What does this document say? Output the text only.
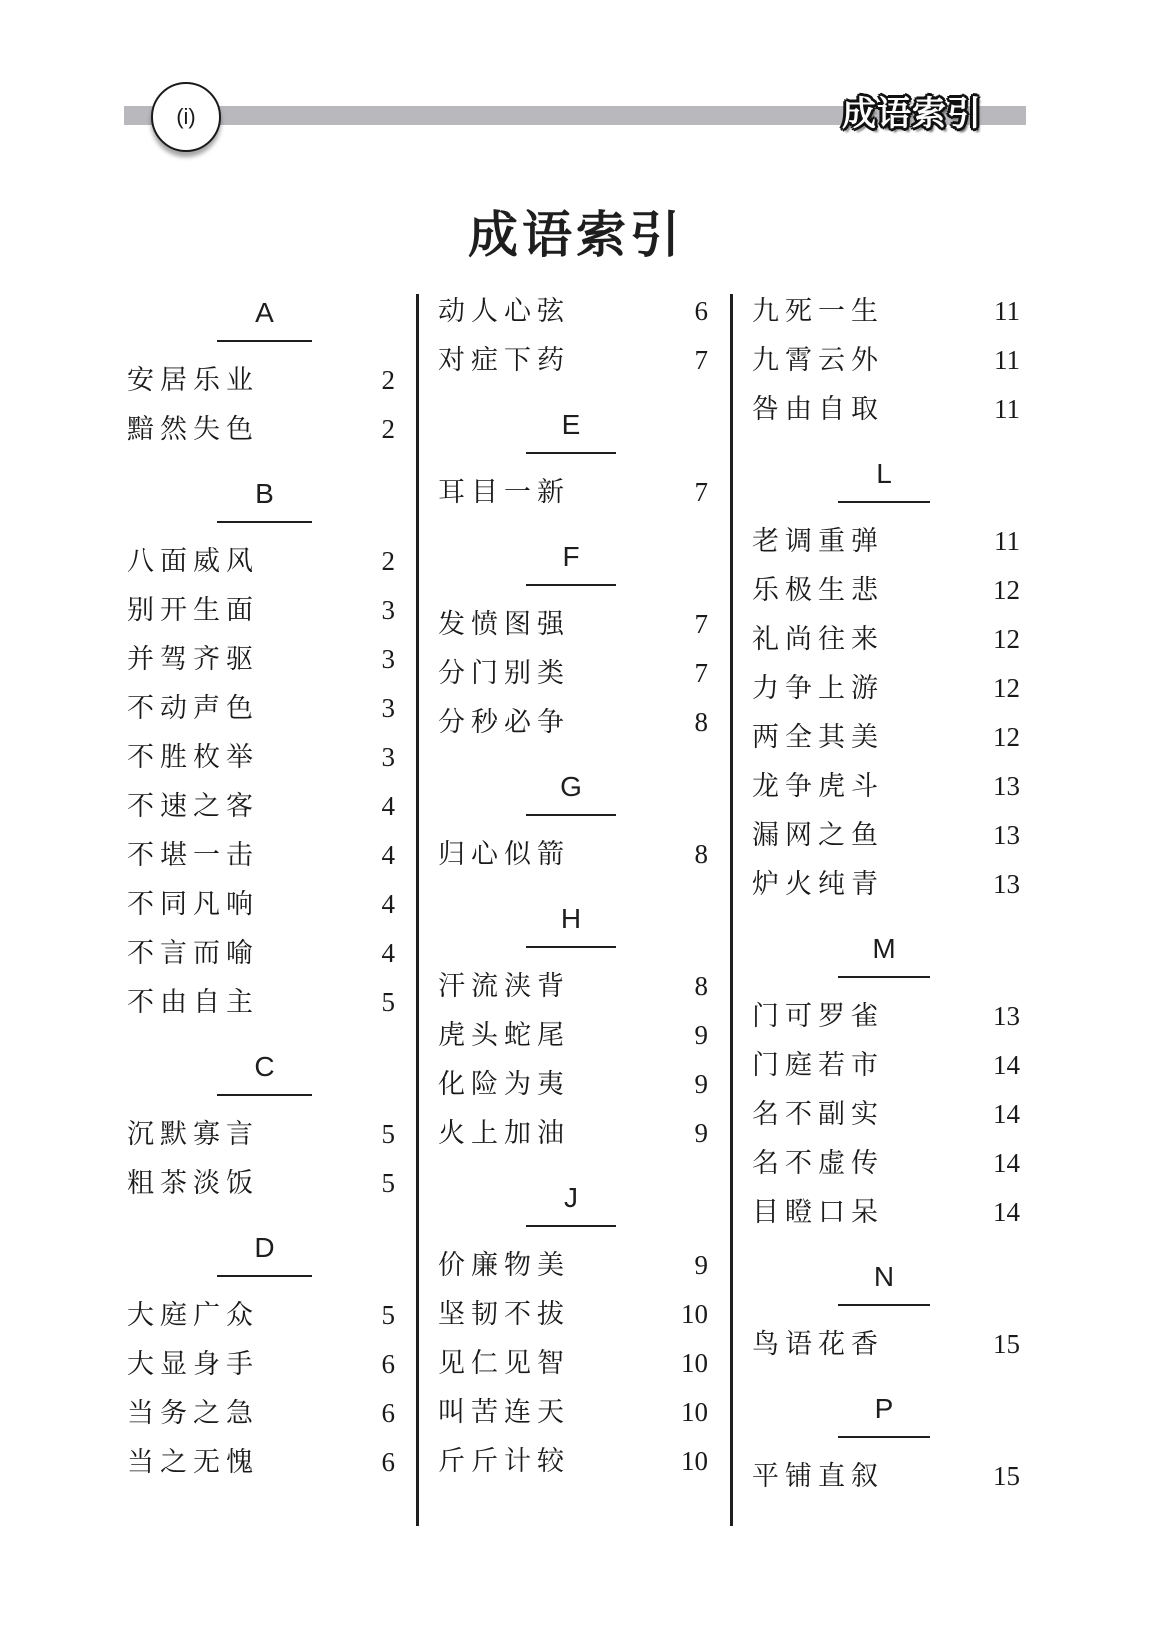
(i)	成语索引
成语索引
A
安居乐业	2
黯然失色	2
B
八面威风	2
别开生面	3
并驾齐驱	3
不动声色	3
不胜枚举	3
不速之客	4
不堪一击	4
不同凡响	4
不言而喻	4
不由自主	5
C
沉默寡言	5
粗茶淡饭	5
D
大庭广众	5
大显身手	6
当务之急	6
当之无愧	6
动人心弦	6
对症下药	7
E
耳目一新	7
F
发愤图强	7
分门别类	7
分秒必争	8
G
归心似箭	8
H
汗流浃背	8
虎头蛇尾	9
化险为夷	9
火上加油	9
J
价廉物美	9
坚韧不拔	10
见仁见智	10
叫苦连天	10
斤斤计较	10
九死一生	11
九霄云外	11
咎由自取	11
L
老调重弹	11
乐极生悲	12
礼尚往来	12
力争上游	12
两全其美	12
龙争虎斗	13
漏网之鱼	13
炉火纯青	13
M
门可罗雀	13
门庭若市	14
名不副实	14
名不虚传	14
目瞪口呆	14
N
鸟语花香	15
P
平铺直叙	15
